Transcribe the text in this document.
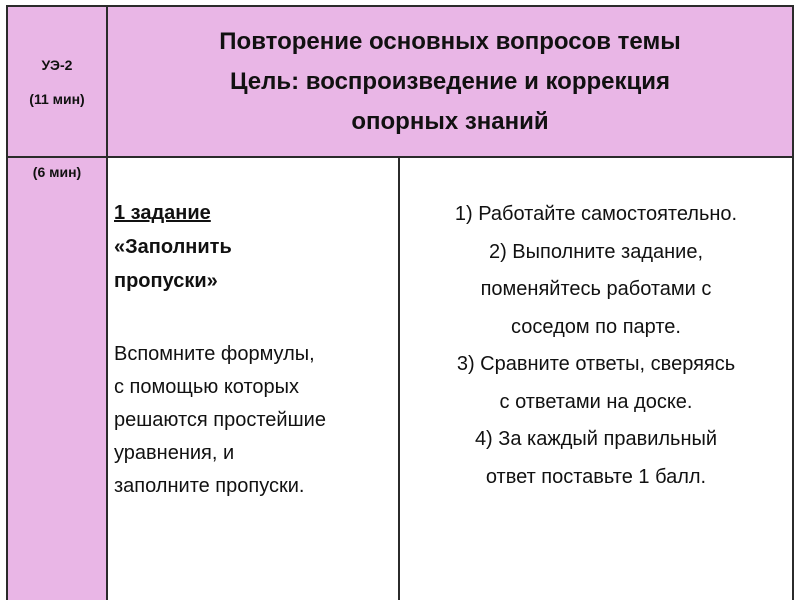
УЭ-2
(11 мин)
Повторение основных вопросов темы
Цель: воспроизведение и коррекция
опорных знаний
(6 мин)
1 задание
«Заполнить
пропуски»
Вспомните формулы,
с помощью которых
решаются простейшие
уравнения, и
заполните пропуски.

1) Работайте самостоятельно.

2) Выполните задание,

поменяйтесь работами с

соседом по парте.

3) Сравните ответы, сверяясь

с ответами на доске.

4) За каждый правильный

ответ поставьте 1 балл.
